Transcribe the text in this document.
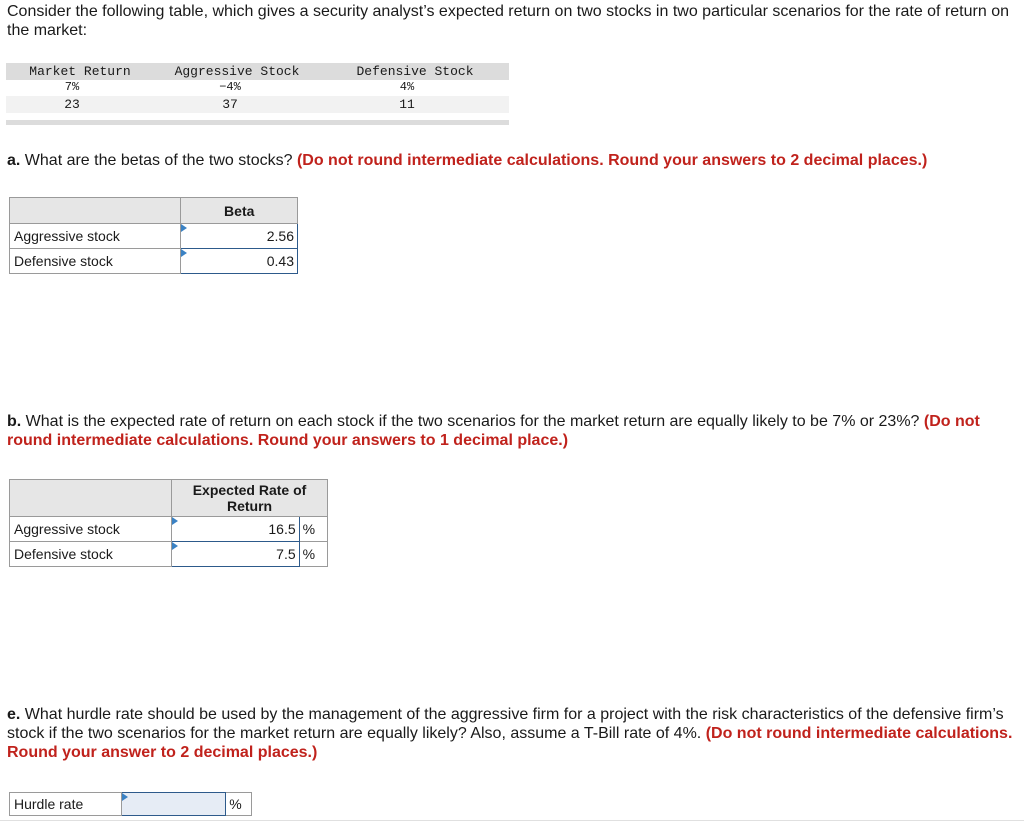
Consider the following table, which gives a security analyst’s expected return on two stocks in two particular scenarios for the rate of return on the market:
Market Return	Aggressive Stock	Defensive Stock
7%	−4%	4%
23	37	11
a. What are the betas of the two stocks? (Do not round intermediate calculations. Round your answers to 2 decimal places.)
	Beta
Aggressive stock	2.56
Defensive stock	0.43
b. What is the expected rate of return on each stock if the two scenarios for the market return are equally likely to be 7% or 23%? (Do not round intermediate calculations. Round your answers to 1 decimal place.)
	Expected Rate of Return	
Aggressive stock	16.5	%
Defensive stock	7.5	%
e. What hurdle rate should be used by the management of the aggressive firm for a project with the risk characteristics of the defensive firm’s stock if the two scenarios for the market return are equally likely? Also, assume a T-Bill rate of 4%. (Do not round intermediate calculations. Round your answer to 2 decimal places.)
Hurdle rate		%
